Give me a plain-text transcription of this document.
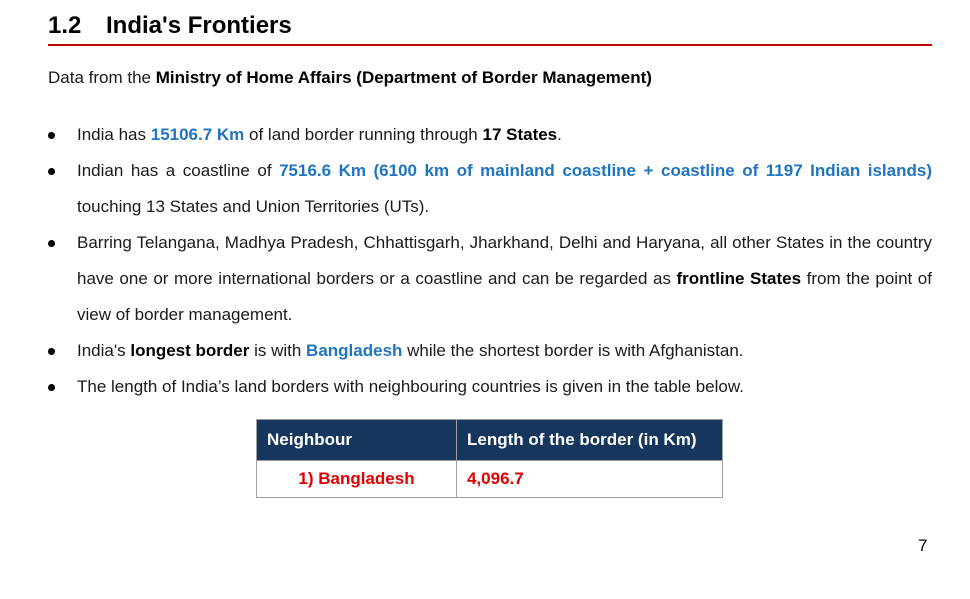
1.2 India's Frontiers
Data from the Ministry of Home Affairs (Department of Border Management)
India has 15106.7 Km of land border running through 17 States.
Indian has a coastline of 7516.6 Km (6100 km of mainland coastline + coastline of 1197 Indian islands) touching 13 States and Union Territories (UTs).
Barring Telangana, Madhya Pradesh, Chhattisgarh, Jharkhand, Delhi and Haryana, all other States in the country have one or more international borders or a coastline and can be regarded as frontline States from the point of view of border management.
India's longest border is with Bangladesh while the shortest border is with Afghanistan.
The length of India’s land borders with neighbouring countries is given in the table below.
Neighbour	Length of the border (in Km)
1) Bangladesh	4,096.7
7
